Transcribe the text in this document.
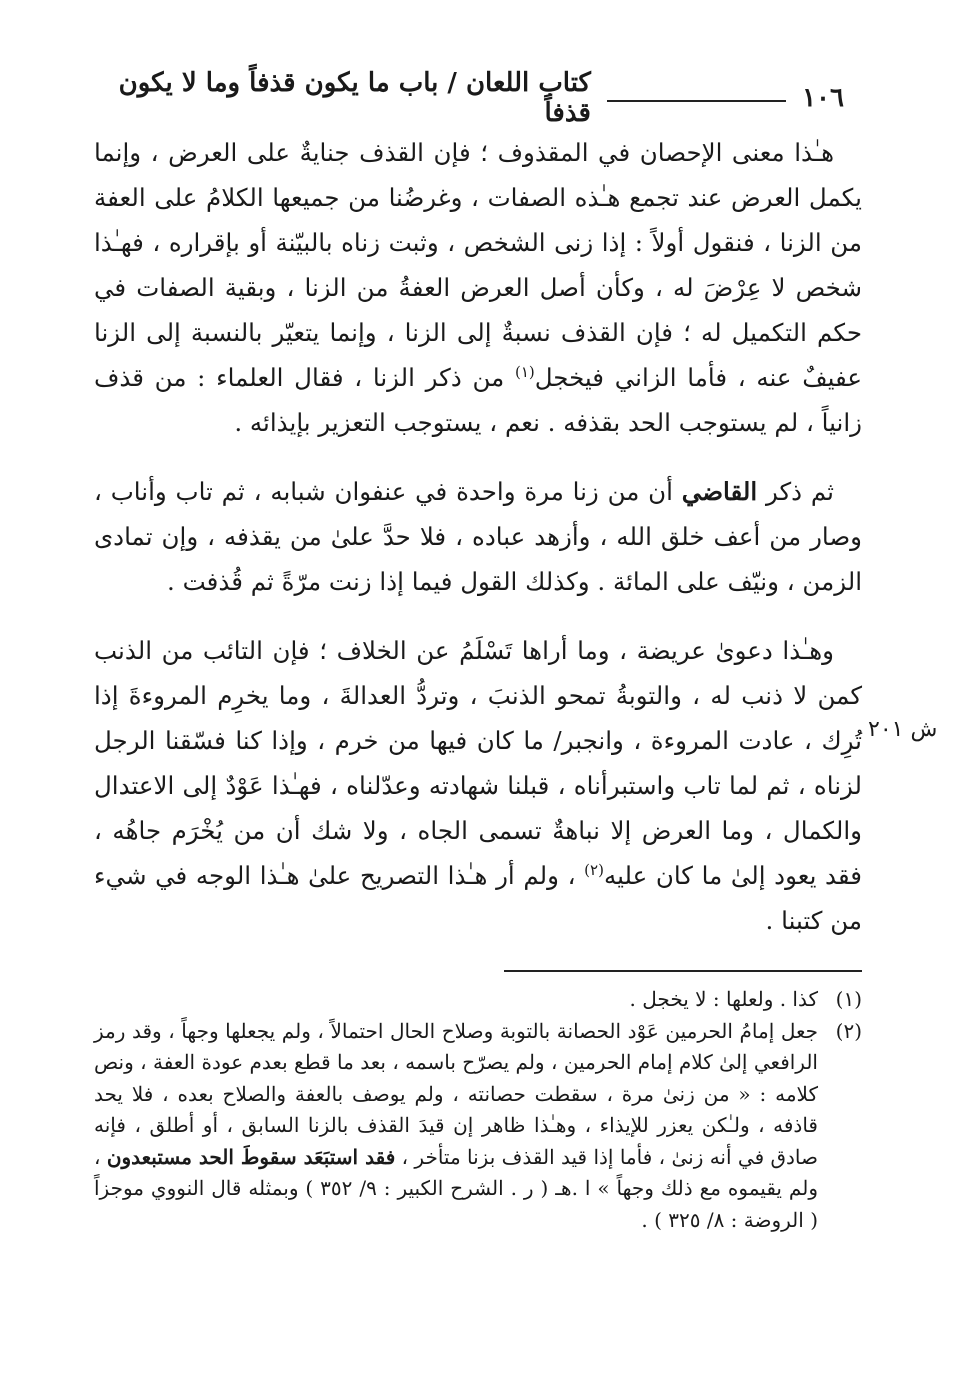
١٠٦
كتاب اللعان / باب ما يكون قذفاً وما لا يكون قذفاً

هـٰذا معنى الإحصان في المقذوف ؛ فإن القذف جنايةٌ على العرض ، وإنما يكمل العرض عند تجمع هـٰذه الصفات ، وغرضُنا من جميعها الكلامُ على العفة من الزنا ، فنقول أولاً : إذا زنى الشخص ، وثبت زناه بالبيّنة أو بإقراره ، فهـٰذا شخص لا عِرْضَ له ، وكأن أصل العرض العفةُ من الزنا ، وبقية الصفات في حكم التكميل له ؛ فإن القذف نسبةٌ إلى الزنا ، وإنما يتعيّر بالنسبة إلى الزنا عفيفٌ عنه ، فأما الزاني فيخجل$^{(١)}$ من ذكر الزنا ، فقال العلماء : من قذف زانياً ، لم يستوجب الحد بقذفه . نعم ، يستوجب التعزير بإيذائه .

ثم ذكر القاضي أن من زنا مرة واحدة في عنفوان شبابه ، ثم تاب وأناب ، وصار من أعف خلق الله ، وأزهد عباده ، فلا حدَّ علىٰ من يقذفه ، وإن تمادى الزمن ، ونيّف على المائة . وكذلك القول فيما إذا زنت مرّةً ثم قُذفت .

وهـٰذا دعوىٰ عريضة ، وما أراها تَسْلَمُ عن الخلاف ؛ فإن التائب من الذنب كمن لا ذنب له ، والتوبةُ تمحو الذنبَ ، وتردُّ العدالةَ ، وما يخرِم المروءةَ إذا تُرِك ، عادت المروءة ، وانجبر/ ما كان فيها من خرم ، وإذا كنا فسّقنا الرجل لزناه ، ثم لما تاب واستبرأناه ، قبلنا شهادته وعدّلناه ، فهـٰذا عَوْدٌ إلى الاعتدال والكمال ، وما العرض إلا نباهةٌ تسمى الجاه ، ولا شك أن من يُخْرَم جاهُه ، فقد يعود إلىٰ ما كان عليه$^{(٢)}$ ، ولم أر هـٰذا التصريح علىٰ هـٰذا الوجه في شيء من كتبنا .

ش ٢٠١
(١)
كذا . ولعلها : لا يخجل .
(٢)
جعل إمامُ الحرمين عَوْد الحصانة بالتوبة وصلاح الحال احتمالاً ، ولم يجعلها وجهاً ، وقد رمز الرافعي إلىٰ كلام إمام الحرمين ، ولم يصرّح باسمه ، بعد ما قطع بعدم عودة العفة ، ونص كلامه : « من زنىٰ مرة ، سقطت حصانته ، ولم يوصف بالعفة والصلاح بعده ، فلا يحد قاذفه ، ولـٰكن يعزر للإيذاء ، وهـٰذا ظاهر إن قيدَ القذف بالزنا السابق ، أو أطلق ، فإنه صادق في أنه زنىٰ ، فأما إذا قيد القذف بزنا متأخر ، فقد استبَعَد سقوطَ الحد مستبعدون ، ولم يقيموه مع ذلك وجهاً » ا .هـ ( ر . الشرح الكبير : ٩/ ٣٥٢ ) وبمثله قال النووي موجزاً ( الروضة : ٨/ ٣٢٥ ) .
